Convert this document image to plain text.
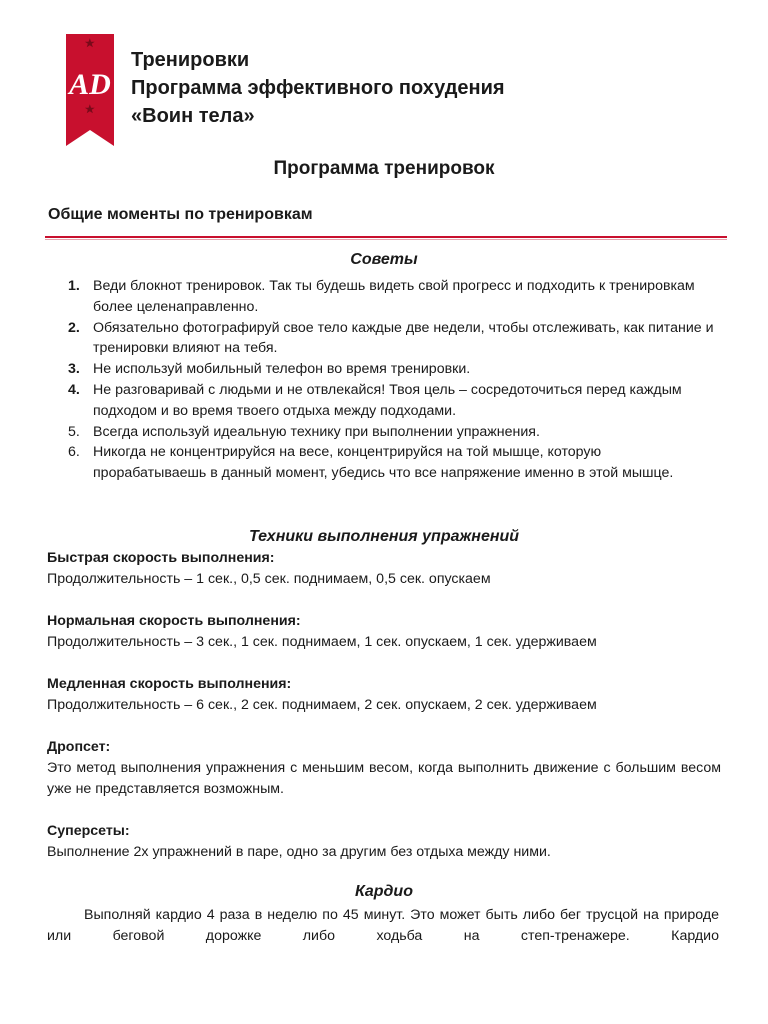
AD
Тренировки
Программа эффективного похудения
«Воин тела»
Программа тренировок
Общие моменты по тренировкам
Советы
1. Веди блокнот тренировок. Так ты будешь видеть свой прогресс и подходить к тренировкам более целенаправленно.
2. Обязательно фотографируй свое тело каждые две недели, чтобы отслеживать, как питание и тренировки влияют на тебя.
3. Не используй мобильный телефон во время тренировки.
4. Не разговаривай с людьми и не отвлекайся! Твоя цель – сосредоточиться перед каждым подходом и во время твоего отдыха между подходами.
5. Всегда используй идеальную технику при выполнении упражнения.
6. Никогда не концентрируйся на весе, концентрируйся на той мышце, которую прорабатываешь в данный момент, убедись что все напряжение именно в этой мышце.
Техники выполнения упражнений
Быстрая скорость выполнения:
Продолжительность – 1 сек., 0,5 сек. поднимаем, 0,5 сек. опускаем
Нормальная скорость выполнения:
Продолжительность – 3 сек., 1 сек. поднимаем, 1 сек. опускаем, 1 сек. удерживаем
Медленная скорость выполнения:
Продолжительность – 6 сек., 2 сек. поднимаем, 2 сек. опускаем, 2 сек. удерживаем
Дропсет:
Это метод выполнения упражнения с меньшим весом, когда выполнить движение с большим весом уже не представляется возможным.
Суперсеты:
Выполнение 2х упражнений в паре, одно за другим без отдыха между ними.
Кардио
Выполняй кардио 4 раза в неделю по 45 минут. Это может быть либо бег трусцой на природе или беговой дорожке либо ходьба на степ-тренажере. Кардио
